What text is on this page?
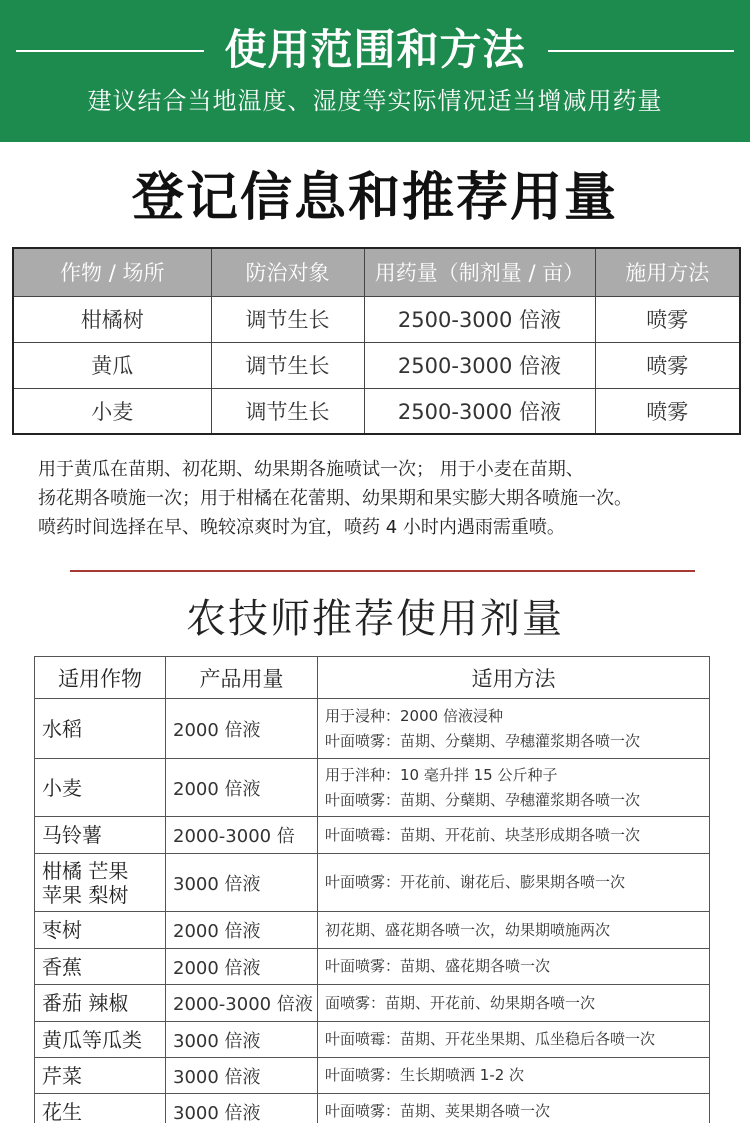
使用范围和方法
建议结合当地温度、湿度等实际情况适当增减用药量
登记信息和推荐用量
作物 / 场所	防治对象	用药量（制剂量 / 亩）	施用方法
柑橘树	调节生长	2500-3000 倍液	喷雾
黄瓜	调节生长	2500-3000 倍液	喷雾
小麦	调节生长	2500-3000 倍液	喷雾

用于黄瓜在苗期、初花期、幼果期各施喷试一次； 用于小麦在苗期、

扬花期各喷施一次；用于柑橘在花蕾期、幼果期和果实膨大期各喷施一次。

喷药时间选择在早、晚较凉爽时为宜，喷药 4 小时内遇雨需重喷。

农技师推荐使用剂量
适用作物	产品用量	适用方法
水稻	2000 倍液	用于浸种：2000 倍液浸种
叶面喷雾：苗期、分蘖期、孕穗灌浆期各喷一次

小麦	2000 倍液	用于泮种：10 毫升拌 15 公斤种子
叶面喷雾：苗期、分蘖期、孕穗灌浆期各喷一次

马铃薯	2000-3000 倍	叶面喷霉：苗期、开花前、块茎形成期各喷一次

柑橘 芒果
苹果 梨树	3000 倍液	叶面喷雾：开花前、谢花后、膨果期各喷一次

枣树	2000 倍液	初花期、盛花期各喷一次，幼果期喷施两次

香蕉	2000 倍液	叶面喷雾：苗期、盛花期各喷一次

番茄 辣椒	2000-3000 倍液	面喷雾：苗期、开花前、幼果期各喷一次

黄瓜等瓜类	3000 倍液	叶面喷霉：苗期、开花坐果期、瓜坐稳后各喷一次

芹菜	3000 倍液	叶面喷雾：生长期喷洒 1-2 次

花生	3000 倍液	叶面喷雾：苗期、荚果期各喷一次
